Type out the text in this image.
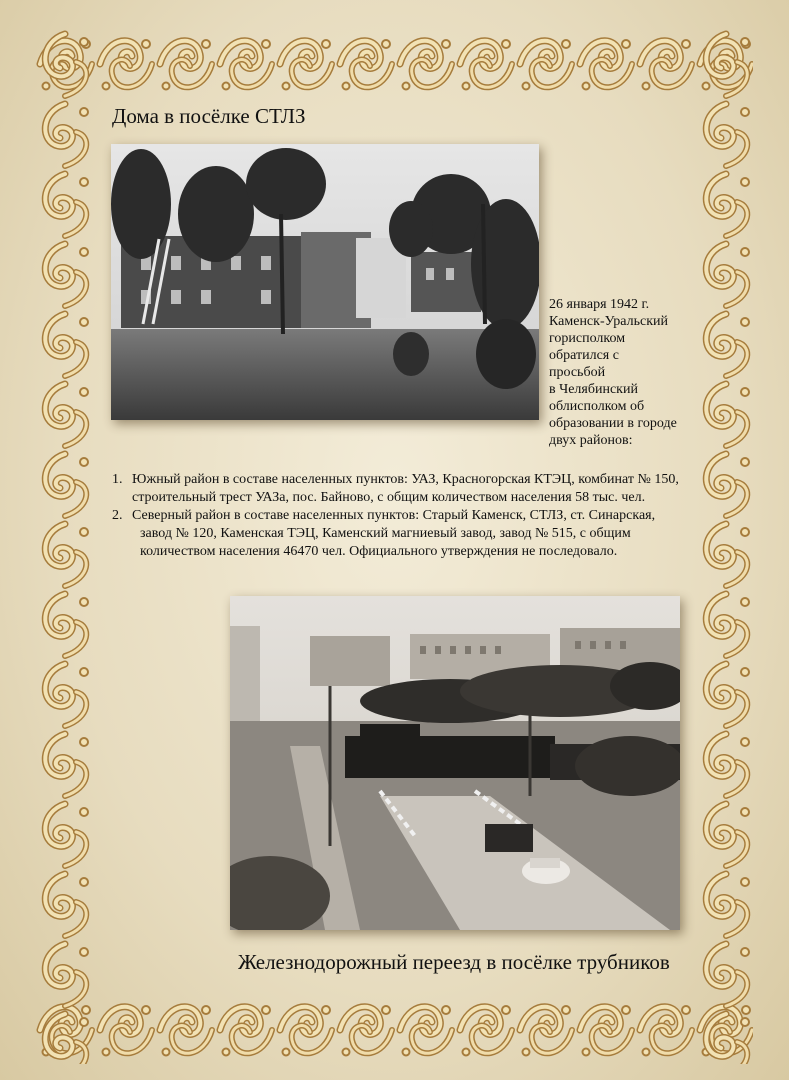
Дома в посёлке СТЛЗ
26 января 1942 г.
Каменск-Уральский
горисполком
обратился с
просьбой
в Челябинский
облисполком об
образовании в городе
двух районов:
1. Южный район в составе населенных пунктов: УАЗ, Красногорская КТЭЦ, комбинат № 150,
строительный трест УАЗа, пос. Байново, с общим количеством населения 58 тыс. чел.
2. Северный район в составе населенных пунктов: Старый Каменск, СТЛЗ, ст. Синарская,
завод № 120, Каменская ТЭЦ, Каменский магниевый завод, завод № 515, с общим
количеством населения 46470 чел. Официального утверждения не последовало.
Железнодорожный переезд в посёлке трубников
